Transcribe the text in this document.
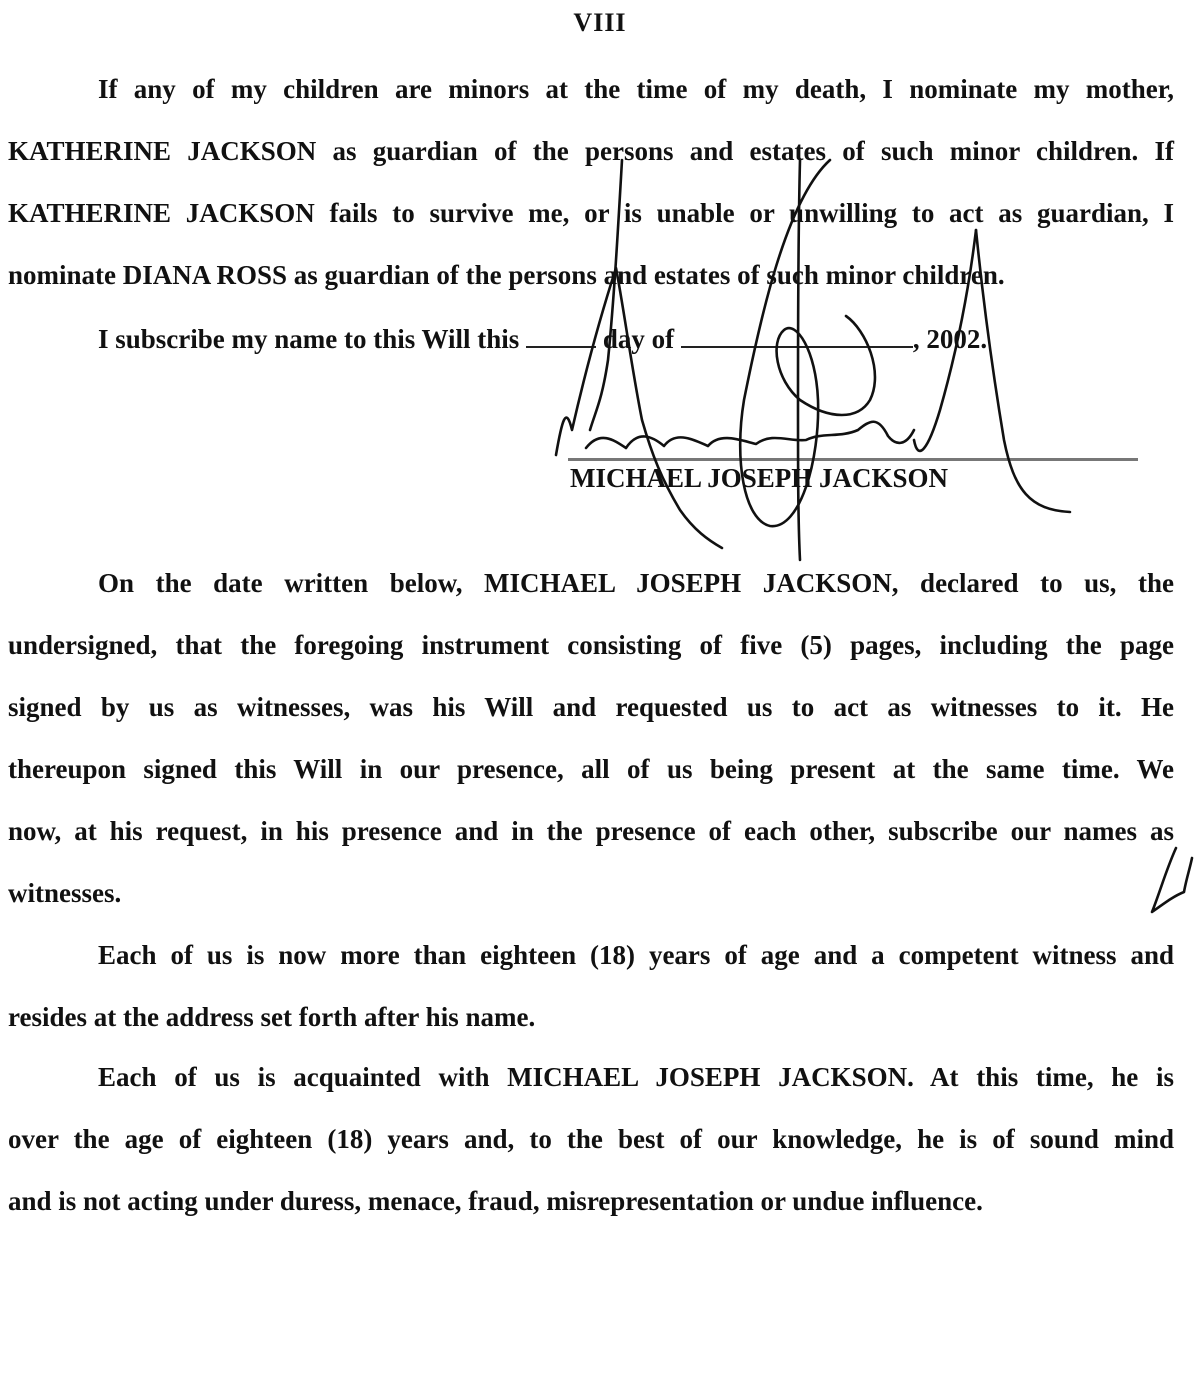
VIII
If any of my children are minors at the time of my death, I nominate my mother,
KATHERINE JACKSON as guardian of the persons and estates of such minor children. If
KATHERINE JACKSON fails to survive me, or is unable or unwilling to act as guardian, I
nominate DIANA ROSS as guardian of the persons and estates of such minor children.
I subscribe my name to this Will this	day of	, 2002.
MICHAEL JOSEPH JACKSON
On the date written below, MICHAEL JOSEPH JACKSON, declared to us, the
undersigned, that the foregoing instrument consisting of five (5) pages, including the page
signed by us as witnesses, was his Will and requested us to act as witnesses to it. He
thereupon signed this Will in our presence, all of us being present at the same time. We
now, at his request, in his presence and in the presence of each other, subscribe our names as
witnesses.
Each of us is now more than eighteen (18) years of age and a competent witness and
resides at the address set forth after his name.
Each of us is acquainted with MICHAEL JOSEPH JACKSON. At this time, he is
over the age of eighteen (18) years and, to the best of our knowledge, he is of sound mind
and is not acting under duress, menace, fraud, misrepresentation or undue influence.
